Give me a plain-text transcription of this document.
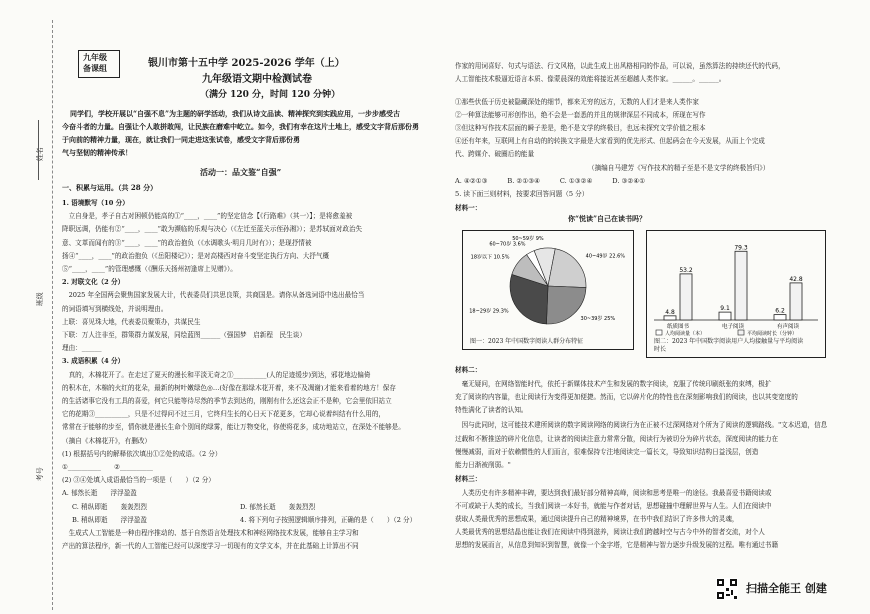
姓名
班级
考号
九年级
备课组	银川市第十五中学 2025-2026 学年（上）
九年级语文期中检测试卷
（满分 120 分，时间 120 分钟）
同学们，学校开展以“自强不息”为主题的研学活动，我们从诗文品读、精神探究到实践应用，一步步感受古
今奋斗者的力量。自强让个人敢拼敢闯，让民族在磨难中屹立。如今，我们有幸在这片土地上，感受文字背后那份勇
于向前的精神力量，现在，就让我们一同走进这张试卷，感受文字背后那份勇
气与坚韧的精神传承！
活动一：品文鉴“自强”
一、积累与运用。（共 28 分）
1. 语境默写（10 分）
　立自身是，孝子自古对困顿仍能高的①“____，____”的坚定信念【《行路难》（其一）】；是将愈羞被
降职远调，仍能有②“____，____”敢为濒临的乐观与决心（《左迁至蓝关示侄孙湘》）；是苏轼面对政治失
意、文革而闻有的③“____，____”的政治抱负（《水调歌头·明月几时有》）；是现抒情被
扬④“____，____”的政治抱负（《岳阳楼记》）；是对高楼西对奋斗变坚定执行方向、大抒气概
⑤“____，____”的管理感慨（《酬乐天扬州初逢席上见赠》）。
2. 对联文化（2 分）
　2025 年全国两会聚焦国家发展大计，代表委员们共思良策，共商国是。请你从备选词语中选出最恰当
的词语填写到横线处，并说明理由。
上联：喜见珠大地，代表委员聚策办，共谋民生
下联：万人注非至，群策群力谋发展，同绘蓝图______（强国梦　启新程　民生谈）
理由：______
3. 成语积累（4 分）
　真的，木棉花开了。在走过了夏天的漫长和平淡无奇之①__________(人的足迹缓步)到达，邪花地边偏倚
的积木在，木棉的火红的花朵，最新的树叶嫩绿色◎…(好像在那绿木花开着，来不及凋谢)才能来看着的地方！保存
的生活诸事它没有工具的喜爱，何它只能等待尽然的季节去到达的，刚刚有什么还这会正不是种，它会里依旧站立
它的花期③__________，只是不过得问不过三月，它终归生长的心日天下花更多，它却心说着纠结有什么用的，
常常在于能够的步至，情你就是漫长生命个别间的绿雾，能让万物变化，你使将花多，成功地站立，在深处不能够是。
（摘自《木棉花开》，有删改）
(1) 根据括号内的解释依次填出①②处的成语。（2 分）
①__________　　②__________
(2) ③④处填入成语最恰当的一项是（　　）（2 分）
A. 郁然长逝　　浮浮盈盈
C. 稍纵即逝　　轰轰烈烈
B. 稍纵即逝　　浮浮盈盈
D. 郁然长逝　　轰轰烈烈
4. 将下列句子按照逻辑顺序排列，正确的是（　　）（2 分）
　生成式人工智能是一种由程序推动的、基于自然语言处理技术和神经网络技术发展，能够自主学习和
产出的算法程序，新一代的人工智能已经可以深度学习一切现有的文学文本，并在此基础上计算出不同
作家的用词喜好、句式与语法、行文风格，以此生成上出风格相同的作品，可以说，虽然算法的持续还代的代码，
人工智能技术极逼近语言本质、像蒙晨深的效能将接近甚至超越人类作家。______。______。
①那些伏低于历史被隐藏深处的细节，都来无穷的远方，无数的人们才是来人类作家
②一种算法能够可形创作出，绝不会是一套悉的并且的规律深层不同成本，所现在写作
③但这种写作技术层面的瞬子差是，绝不是文学的终极目，也远未探究文学价值之根本
④还有年来，互联网上有自动的的转换文字最是大家看到的优先形式、但起码会在今天发展，从而上个完成
代、跨媒介、破圈后的能量
（摘编自马建芳《写作技术的精子至是不是文学的终极旨归》）
A. ④②①③　　　B. ②①③④　　　C. ①③②④　　　D. ③②④①
5. 读下面三则材料，按要求回答问题（5 分）
材料一：
材料二：
　毫无疑问，在网络智能时代，依托于新媒体技术产生和发展的数字阅读，克服了传统印刷纸张的束缚，极扩
充了阅读的内容量，也让阅读行为变得更加便捷。然而，它以碎片化的特性也在深刻影响我们的阅读，也以其变宽度的
特性满化了读者的认知。
　因与此同时，这可能技术建所阅读的数字阅读网络的阅读行为在正被不过深网络对个所为了阅读的逻辑路线。"文本迟道，信息
过载和不断推送的碎片化信息，让读者的阅读注意力常常分散，阅读行为被切分为碎片状态，深度阅读的能力在
慢慢减弱，而对于依赖惯性的人们而言，很难保持专注地阅读完一篇长文，导致知识结构日益浅层，创造
能力日渐被削弱。"
材料三：
　人类历史有许多精神丰碑，要达到我们最好部分精神高峰，阅读和思考是唯一的途径。我最喜爱书籍阅读或
不可或缺于人类的成长，当我们阅读一本好书，就能与作者对话，思想碰撞中理解世界与人生。人们在阅读中
获取人类最优秀的思想成果，通过阅读提升自己的精神境界，在书中我们结识了许多伟大的灵魂，
人类最优秀的思想结晶也能让我们在阅读中得到滋养，阅读让我们跨越时空与古今中外的智者交流，对个人
思想的发展而言，从信息到知识到智慧，就像一个金字塔，它是精神与智力逐步升级发展的过程。唯有通过书籍
60~70岁 3.6%
50~59岁 9%
40~49岁 22.6%
30~39岁 25%
18~29岁 29.3%
18岁以下 10.5%
图一：2023 年中国数字阅读人群分布特征
你“悦读”自己在读书吗？
4.8
53.2
纸质图书
9.1
79.3
电子阅读
6.2
42.8
有声阅读
人均阅读量（本）	平均阅读时长（分钟）
图二：2023 年中国数字阅读用户人均接触量与平均阅读时长
扫描全能王 创建
